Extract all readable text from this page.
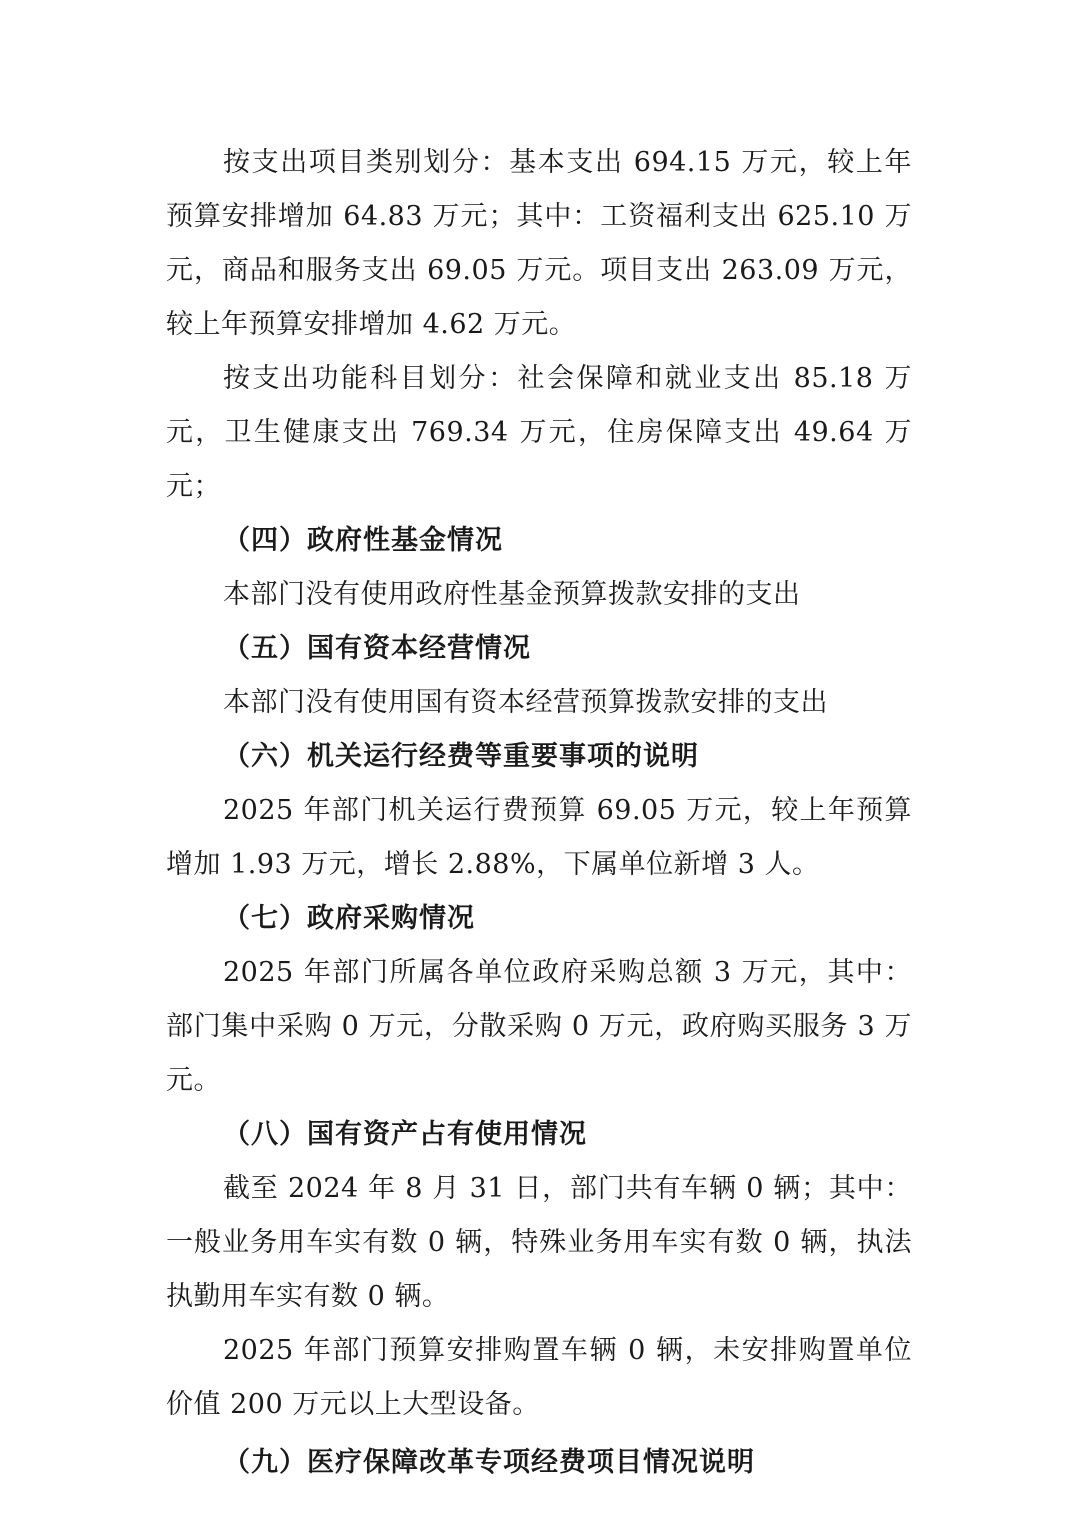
按支出项目类别划分：基本支出 694.15 万元，较上年预算安排增加 64.83 万元；其中：工资福利支出 625.10 万元，商品和服务支出 69.05 万元。项目支出 263.09 万元，较上年预算安排增加 4.62 万元。

按支出功能科目划分：社会保障和就业支出 85.18 万元，卫生健康支出 769.34 万元，住房保障支出 49.64 万元；

（四）政府性基金情况

本部门没有使用政府性基金预算拨款安排的支出

（五）国有资本经营情况

本部门没有使用国有资本经营预算拨款安排的支出

（六）机关运行经费等重要事项的说明

2025 年部门机关运行费预算 69.05 万元，较上年预算增加 1.93 万元，增长 2.88%，下属单位新增 3 人。

（七）政府采购情况

2025 年部门所属各单位政府采购总额 3 万元，其中：部门集中采购 0 万元，分散采购 0 万元，政府购买服务 3 万元。

（八）国有资产占有使用情况

截至 2024 年 8 月 31 日，部门共有车辆 0 辆；其中：一般业务用车实有数 0 辆，特殊业务用车实有数 0 辆，执法执勤用车实有数 0 辆。

2025 年部门预算安排购置车辆 0 辆，未安排购置单位价值 200 万元以上大型设备。

（九）医疗保障改革专项经费项目情况说明
